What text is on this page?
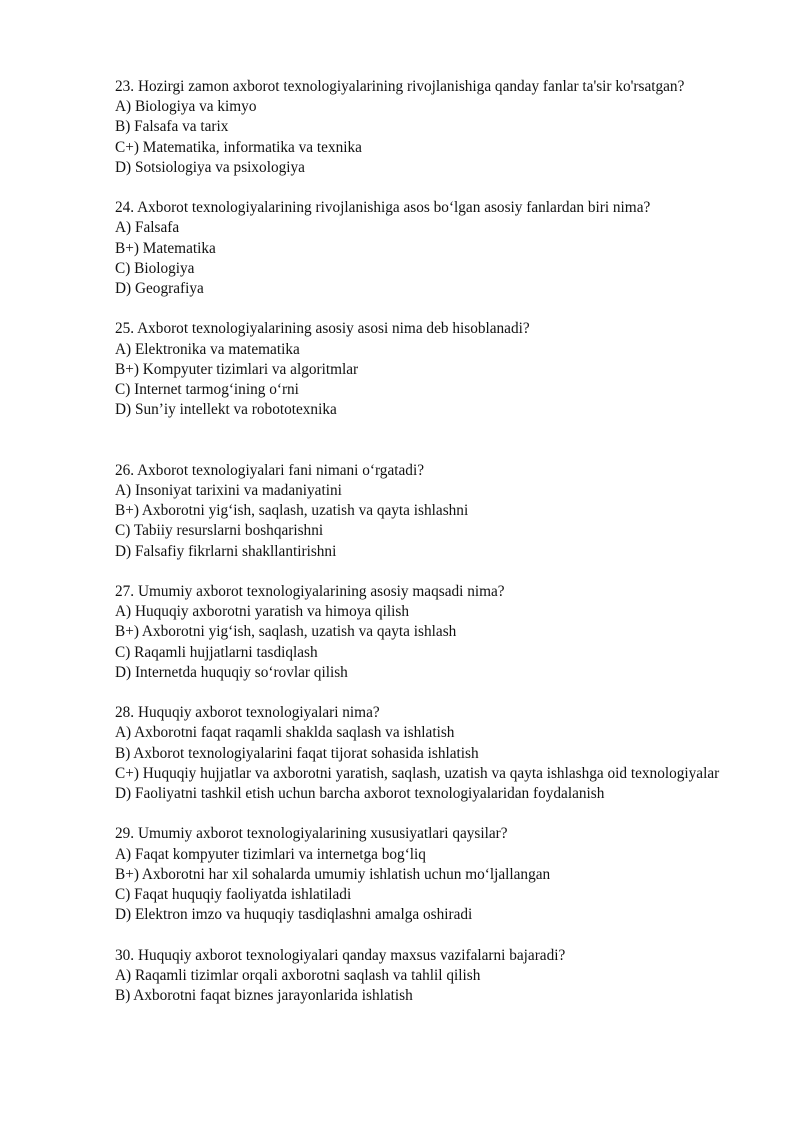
23. Hozirgi zamon axborot texnologiyalarining rivojlanishiga qanday fanlar ta'sir ko'rsatgan?
A) Biologiya va kimyo
B) Falsafa va tarix
C+) Matematika, informatika va texnika
D) Sotsiologiya va psixologiya
24. Axborot texnologiyalarining rivojlanishiga asos bo‘lgan asosiy fanlardan biri nima?
A) Falsafa
B+) Matematika
C) Biologiya
D) Geografiya
25. Axborot texnologiyalarining asosiy asosi nima deb hisoblanadi?
A) Elektronika va matematika
B+) Kompyuter tizimlari va algoritmlar
C) Internet tarmog‘ining o‘rni
D) Sun’iy intellekt va robototexnika
26. Axborot texnologiyalari fani nimani o‘rgatadi?
A) Insoniyat tarixini va madaniyatini
B+) Axborotni yig‘ish, saqlash, uzatish va qayta ishlashni
C) Tabiiy resurslarni boshqarishni
D) Falsafiy fikrlarni shakllantirishni
27. Umumiy axborot texnologiyalarining asosiy maqsadi nima?
A) Huquqiy axborotni yaratish va himoya qilish
B+) Axborotni yig‘ish, saqlash, uzatish va qayta ishlash
C) Raqamli hujjatlarni tasdiqlash
D) Internetda huquqiy so‘rovlar qilish
28. Huquqiy axborot texnologiyalari nima?
A) Axborotni faqat raqamli shaklda saqlash va ishlatish
B) Axborot texnologiyalarini faqat tijorat sohasida ishlatish
C+) Huquqiy hujjatlar va axborotni yaratish, saqlash, uzatish va qayta ishlashga oid texnologiyalar
D) Faoliyatni tashkil etish uchun barcha axborot texnologiyalaridan foydalanish
29. Umumiy axborot texnologiyalarining xususiyatlari qaysilar?
A) Faqat kompyuter tizimlari va internetga bog‘liq
B+) Axborotni har xil sohalarda umumiy ishlatish uchun mo‘ljallangan
C) Faqat huquqiy faoliyatda ishlatiladi
D) Elektron imzo va huquqiy tasdiqlashni amalga oshiradi
30. Huquqiy axborot texnologiyalari qanday maxsus vazifalarni bajaradi?
A) Raqamli tizimlar orqali axborotni saqlash va tahlil qilish
B) Axborotni faqat biznes jarayonlarida ishlatish
